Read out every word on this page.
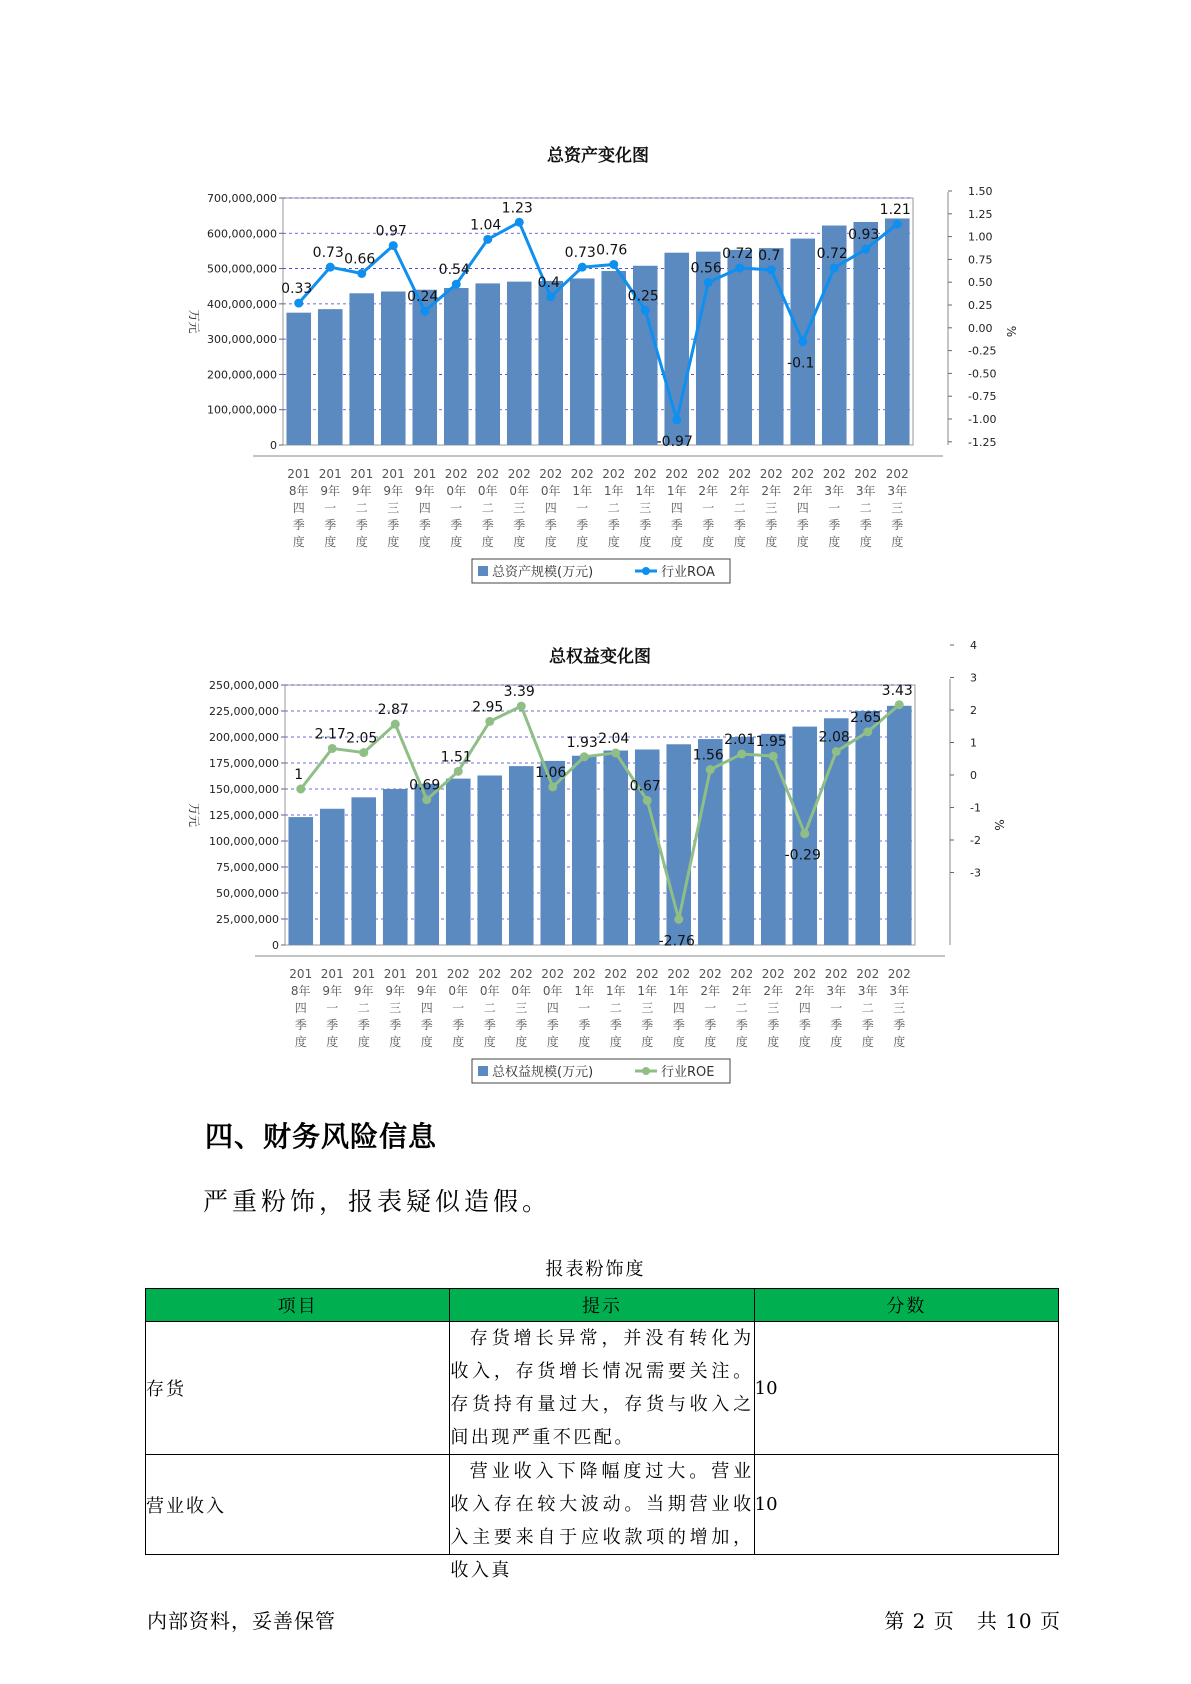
总资产变化图
0
100,000,000
200,000,000
300,000,000
400,000,000
500,000,000
600,000,000
700,000,000
1.50
1.25
1.00
0.75
0.50
0.25
0.00
-0.25
-0.50
-0.75
-1.00
-1.25
万元	%
201
8年
四
季
度
201
9年
一
季
度
201
9年
二
季
度
201
9年
三
季
度
201
9年
四
季
度
202
0年
一
季
度
202
0年
二
季
度
202
0年
三
季
度
202
0年
四
季
度
202
1年
一
季
度
202
1年
二
季
度
202
1年
三
季
度
202
1年
四
季
度
202
2年
一
季
度
202
2年
二
季
度
202
2年
三
季
度
202
2年
四
季
度
202
3年
一
季
度
202
3年
二
季
度
202
3年
三
季
度
0.33
0.73 0.66
0.97
0.24
0.54
1.04
1.23
0.4
0.73 0.76
0.25
-0.97
0.56
0.72 0.7
-0.1
0.72
0.93
1.21
总资产规模(万元)	行业ROA
总权益变化图
0
25,000,000
50,000,000
75,000,000
100,000,000
125,000,000
150,000,000
175,000,000
200,000,000
225,000,000
250,000,000
4
3
2
1
0
-1
-2
-3
万元	%
201
8年
四
季
度
201
9年
一
季
度
201
9年
二
季
度
201
9年
三
季
度
201
9年
四
季
度
202
0年
一
季
度
202
0年
二
季
度
202
0年
三
季
度
202
0年
四
季
度
202
1年
一
季
度
202
1年
二
季
度
202
1年
三
季
度
202
1年
四
季
度
202
2年
一
季
度
202
2年
二
季
度
202
2年
三
季
度
202
2年
四
季
度
202
3年
一
季
度
202
3年
二
季
度
202
3年
三
季
度
1
2.17 2.05
2.87
0.69
1.51
2.95
3.39
1.06
1.93 2.04
0.67
-2.76
1.56
2.01 1.95
-0.29
2.08
2.65
3.43
总权益规模(万元)	行业ROE
四、财务风险信息

严重粉饰，报表疑似造假。

报表粉饰度
项目	提示	分数
存货	存货增长异常，并没有转化为收入，存货增长情况需要关注。存货持有量过大，存货与收入之间出现严重不匹配。	10
营业收入	营业收入下降幅度过大。营业收入存在较大波动。当期营业收入主要来自于应收款项的增加，收入真	10
内部资料，妥善保管	第 2 页   共 10 页
